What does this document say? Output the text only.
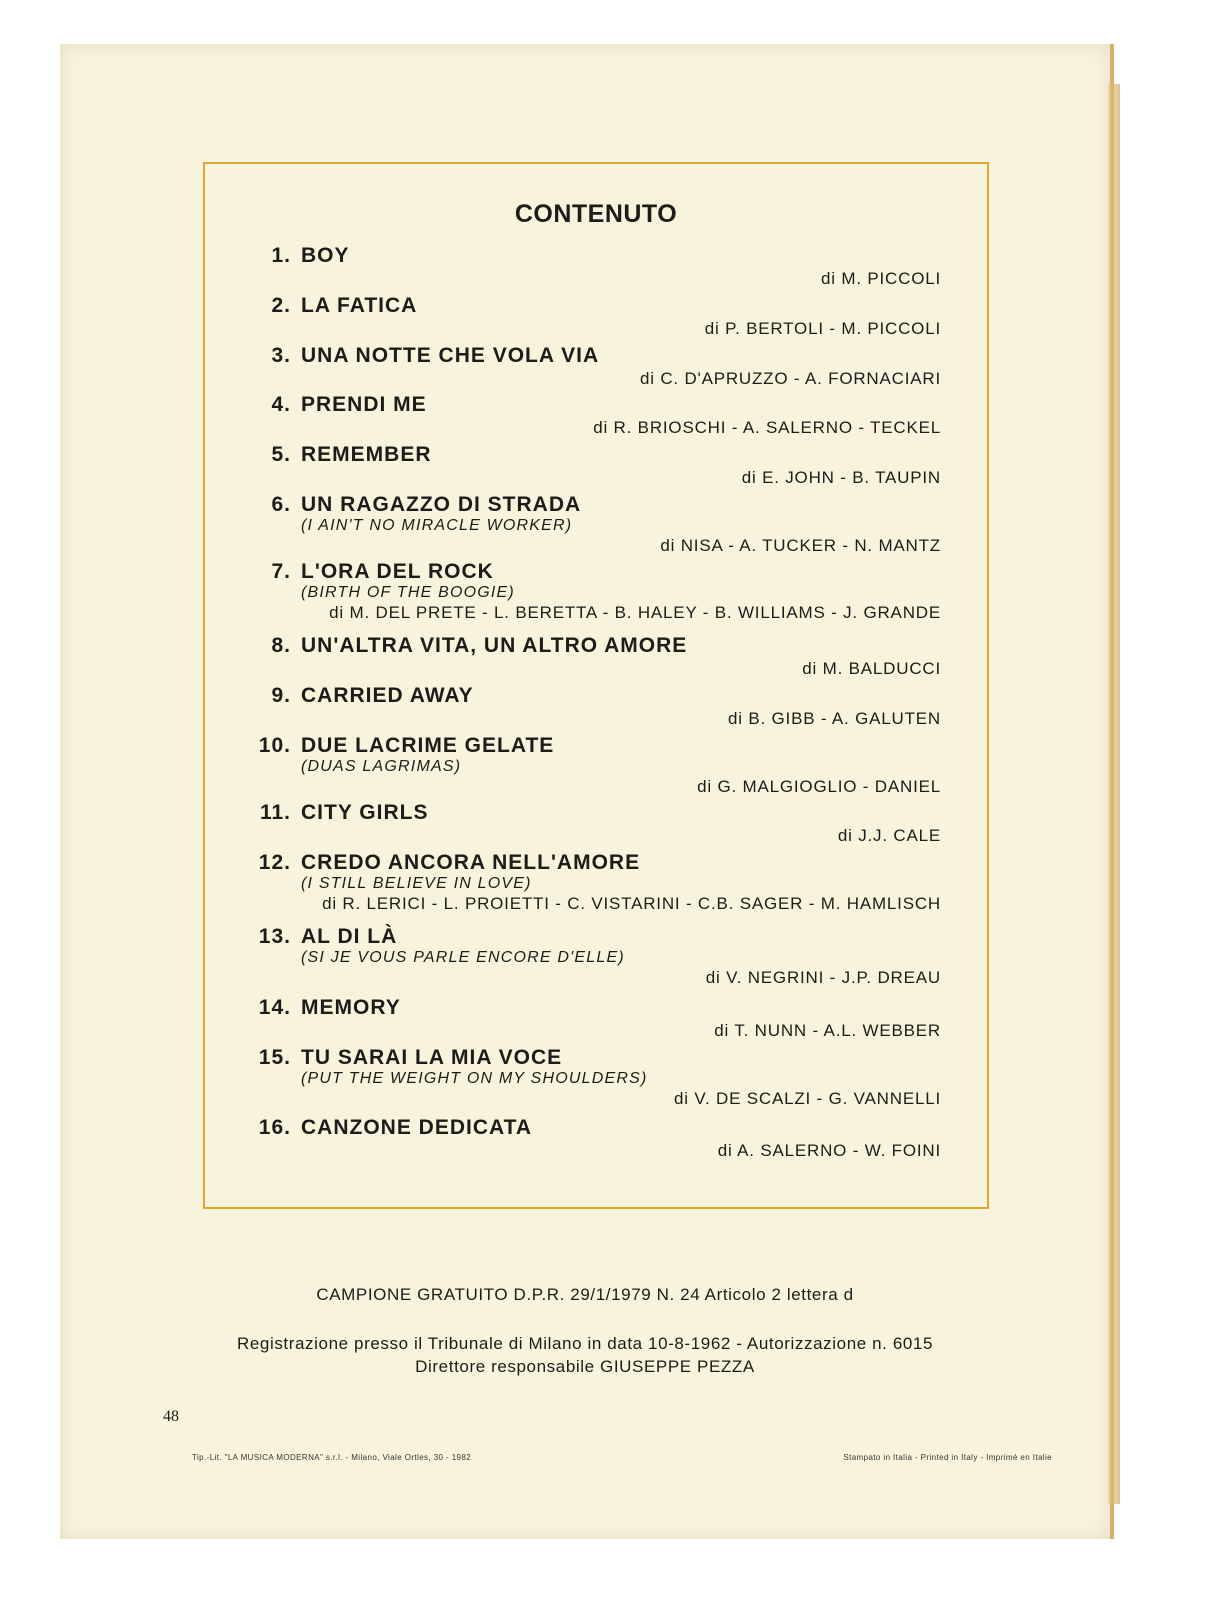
CONTENUTO
1. BOY
di M. PICCOLI
2. LA FATICA
di P. BERTOLI - M. PICCOLI
3. UNA NOTTE CHE VOLA VIA
di C. D'APRUZZO - A. FORNACIARI
4. PRENDI ME
di R. BRIOSCHI - A. SALERNO - TECKEL
5. REMEMBER
di E. JOHN - B. TAUPIN
6. UN RAGAZZO DI STRADA
(I AIN'T NO MIRACLE WORKER)
di NISA - A. TUCKER - N. MANTZ
7. L'ORA DEL ROCK
(BIRTH OF THE BOOGIE)
di M. DEL PRETE - L. BERETTA - B. HALEY - B. WILLIAMS - J. GRANDE
8. UN'ALTRA VITA, UN ALTRO AMORE
di M. BALDUCCI
9. CARRIED AWAY
di B. GIBB - A. GALUTEN
10. DUE LACRIME GELATE
(DUAS LAGRIMAS)
di G. MALGIOGLIO - DANIEL
11. CITY GIRLS
di J.J. CALE
12. CREDO ANCORA NELL'AMORE
(I STILL BELIEVE IN LOVE)
di R. LERICI - L. PROIETTI - C. VISTARINI - C.B. SAGER - M. HAMLISCH
13. AL DI LÀ
(SI JE VOUS PARLE ENCORE D'ELLE)
di V. NEGRINI - J.P. DREAU
14. MEMORY
di T. NUNN - A.L. WEBBER
15. TU SARAI LA MIA VOCE
(PUT THE WEIGHT ON MY SHOULDERS)
di V. DE SCALZI - G. VANNELLI
16. CANZONE DEDICATA
di A. SALERNO - W. FOINI
CAMPIONE GRATUITO D.P.R. 29/1/1979 N. 24 Articolo 2 lettera d
Registrazione presso il Tribunale di Milano in data 10-8-1962 - Autorizzazione n. 6015
Direttore responsabile GIUSEPPE PEZZA
48
Tip.-Lit. "LA MUSICA MODERNA" s.r.l. - Milano, Viale Ortles, 30 - 1982	Stampato in Italia - Printed in Italy - Imprimé en Italie
